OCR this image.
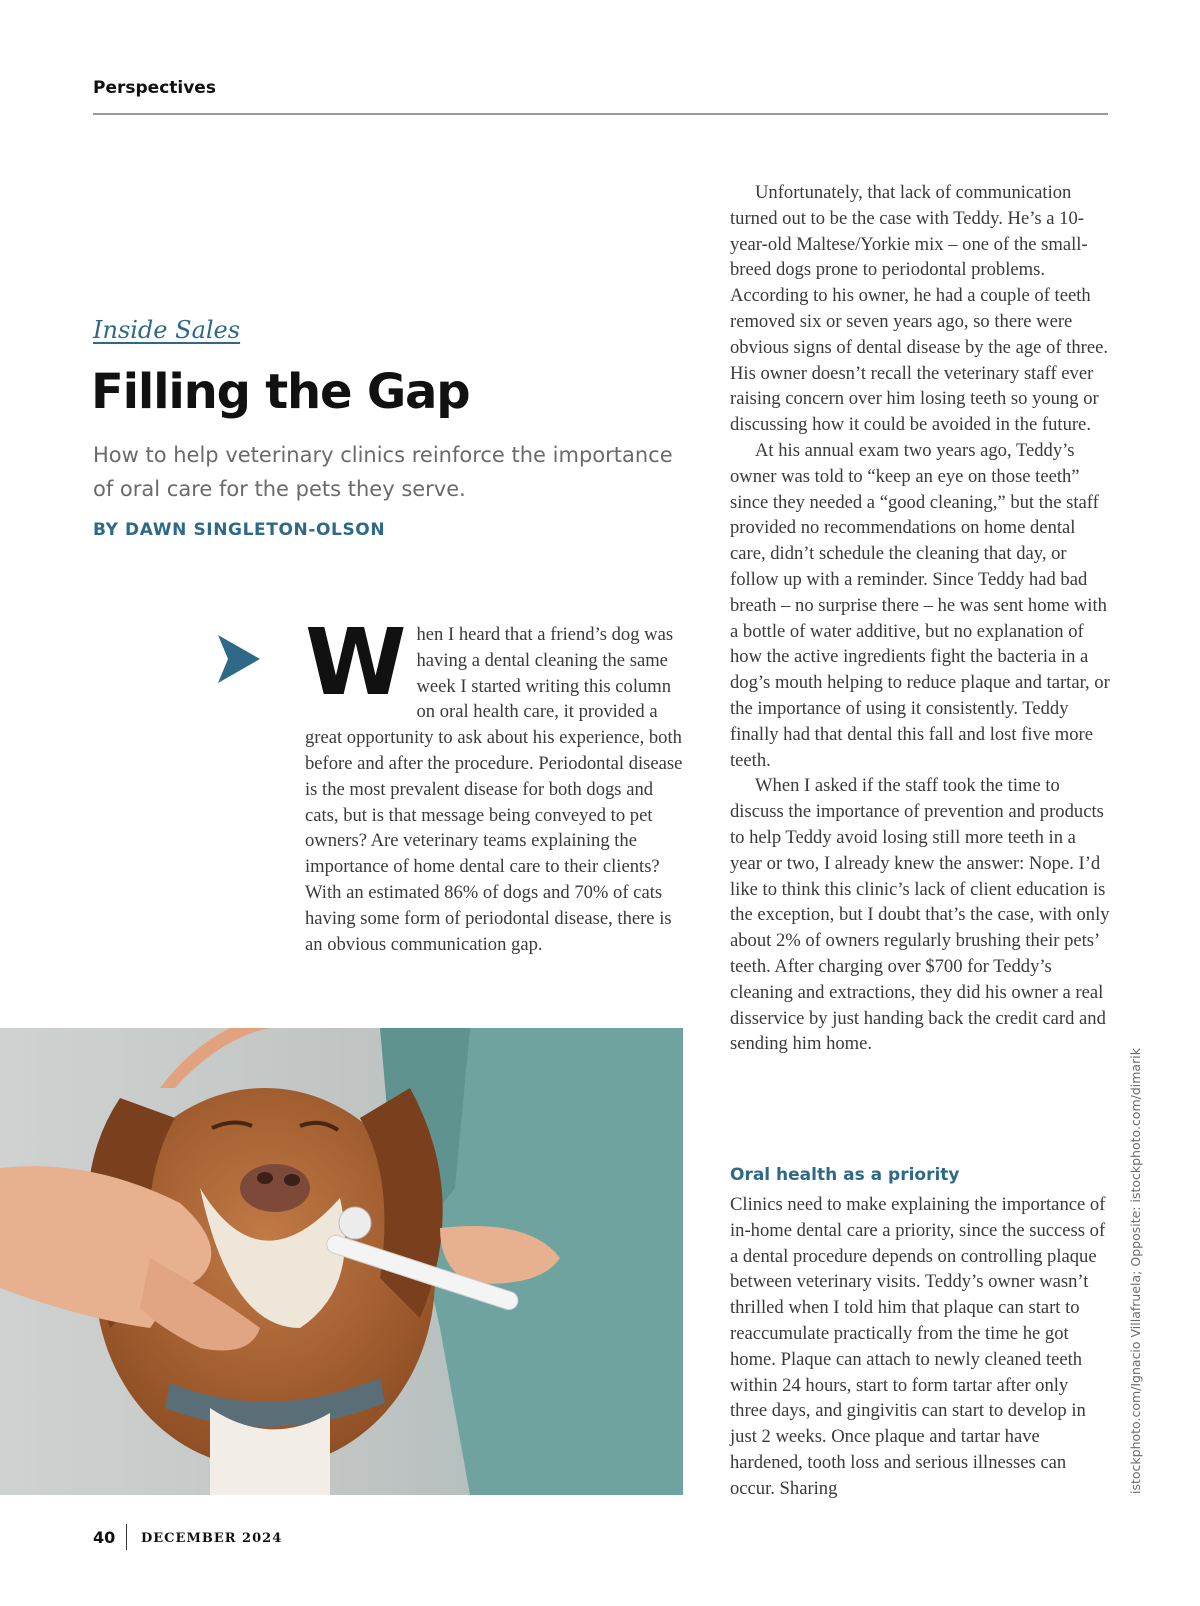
Perspectives
Inside Sales
Filling the Gap
How to help veterinary clinics reinforce the importance of oral care for the pets they serve.
BY DAWN SINGLETON-OLSON

When I heard that a friend’s dog was having a dental cleaning the same week I started writing this column on oral health care, it provided a great opportunity to ask about his experience, both before and after the procedure. Periodontal disease is the most prevalent disease for both dogs and cats, but is that message being conveyed to pet owners? Are veterinary teams explaining the importance of home dental care to their clients? With an estimated 86% of dogs and 70% of cats having some form of periodontal disease, there is an obvious communication gap.

Unfortunately, that lack of communication turned out to be the case with Teddy. He’s a 10-year-old Maltese/Yorkie mix – one of the small-breed dogs prone to periodontal problems. According to his owner, he had a couple of teeth removed six or seven years ago, so there were obvious signs of dental disease by the age of three. His owner doesn’t recall the veterinary staff ever raising concern over him losing teeth so young or discussing how it could be avoided in the future.

At his annual exam two years ago, Teddy’s owner was told to “keep an eye on those teeth” since they needed a “good cleaning,” but the staff provided no recommendations on home dental care, didn’t schedule the cleaning that day, or follow up with a reminder. Since Teddy had bad breath – no surprise there – he was sent home with a bottle of water additive, but no explanation of how the active ingredients fight the bacteria in a dog’s mouth helping to reduce plaque and tartar, or the importance of using it consistently. Teddy finally had that dental this fall and lost five more teeth.

When I asked if the staff took the time to discuss the importance of prevention and products to help Teddy avoid losing still more teeth in a year or two, I already knew the answer: Nope. I’d like to think this clinic’s lack of client education is the exception, but I doubt that’s the case, with only about 2% of owners regularly brushing their pets’ teeth. After charging over $700 for Teddy’s cleaning and extractions, they did his owner a real disservice by just handing back the credit card and sending him home.

Oral health as a priority

Clinics need to make explaining the importance of in-home dental care a priority, since the success of a dental procedure depends on controlling plaque between veterinary visits. Teddy’s owner wasn’t thrilled when I told him that plaque can start to reaccumulate practically from the time he got home. Plaque can attach to newly cleaned teeth within 24 hours, start to form tartar after only three days, and gingivitis can start to develop in just 2 weeks. Once plaque and tartar have hardened, tooth loss and serious illnesses can occur. Sharing	istockphoto.com/Ignacio Villafruela; Opposite: istockphoto.com/dimarik
40 DECEMBER 2024
